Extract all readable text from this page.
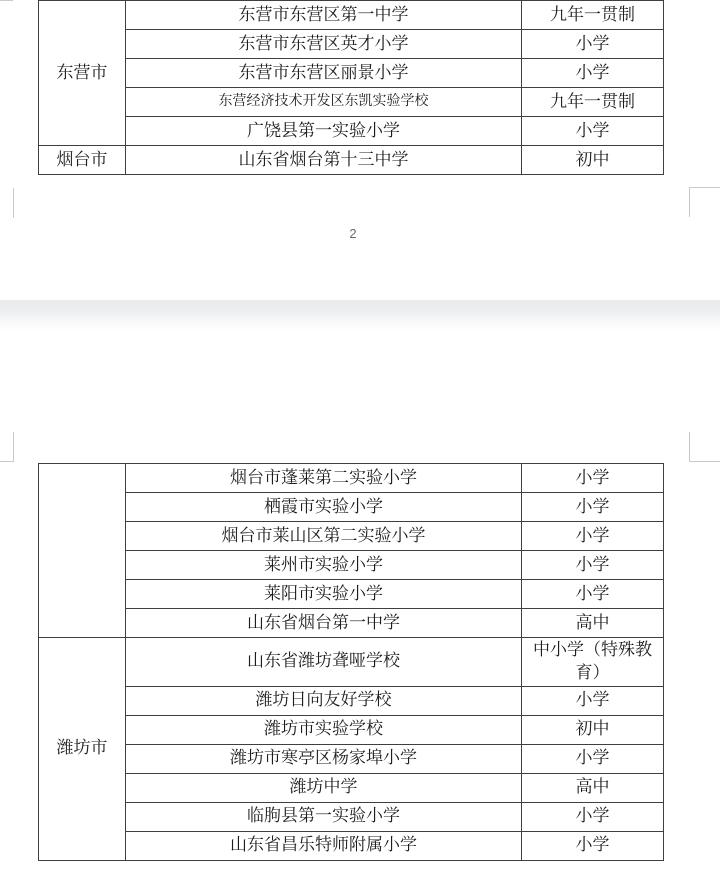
东营市	东营市东营区第一中学	九年一贯制
	东营市东营区英才小学	小学
	东营市东营区丽景小学	小学
	东营经济技术开发区东凯实验学校	九年一贯制
	广饶县第一实验小学	小学
烟台市	山东省烟台第十三中学	初中
2
	烟台市蓬莱第二实验小学	小学
	栖霞市实验小学	小学
	烟台市莱山区第二实验小学	小学
	莱州市实验小学	小学
	莱阳市实验小学	小学
	山东省烟台第一中学	高中
潍坊市	山东省潍坊聋哑学校	中小学（特殊教育）
	潍坊日向友好学校	小学
	潍坊市实验学校	初中
	潍坊市寒亭区杨家埠小学	小学
	潍坊中学	高中
	临朐县第一实验小学	小学
	山东省昌乐特师附属小学	小学
